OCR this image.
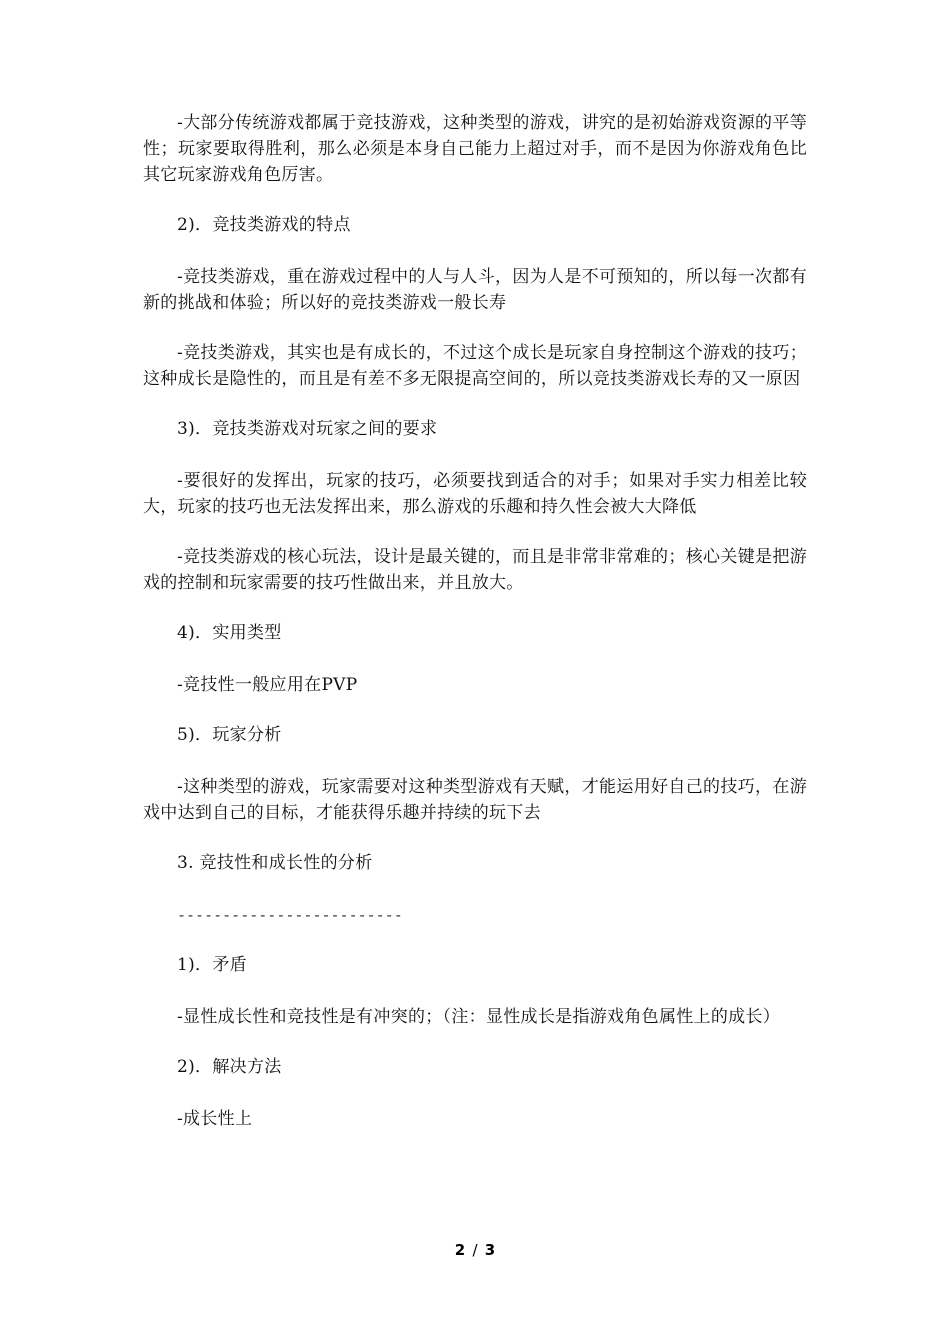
-大部分传统游戏都属于竞技游戏，这种类型的游戏，讲究的是初始游戏资源的平等性；玩家要取得胜利，那么必须是本身自己能力上超过对手，而不是因为你游戏角色比其它玩家游戏角色厉害。

2)．竞技类游戏的特点

-竞技类游戏，重在游戏过程中的人与人斗，因为人是不可预知的，所以每一次都有新的挑战和体验；所以好的竞技类游戏一般长寿

-竞技类游戏，其实也是有成长的，不过这个成长是玩家自身控制这个游戏的技巧；这种成长是隐性的，而且是有差不多无限提高空间的，所以竞技类游戏长寿的又一原因

3)．竞技类游戏对玩家之间的要求

-要很好的发挥出，玩家的技巧，必须要找到适合的对手；如果对手实力相差比较大，玩家的技巧也无法发挥出来，那么游戏的乐趣和持久性会被大大降低

-竞技类游戏的核心玩法，设计是最关键的，而且是非常非常难的；核心关键是把游戏的控制和玩家需要的技巧性做出来，并且放大。

4)．实用类型

-竞技性一般应用在PVP

5)．玩家分析

-这种类型的游戏，玩家需要对这种类型游戏有天赋，才能运用好自己的技巧，在游戏中达到自己的目标，才能获得乐趣并持续的玩下去

3. 竞技性和成长性的分析

-------------------------

1)．矛盾

-显性成长性和竞技性是有冲突的；（注：显性成长是指游戏角色属性上的成长）

2)．解决方法

-成长性上

2 / 3
